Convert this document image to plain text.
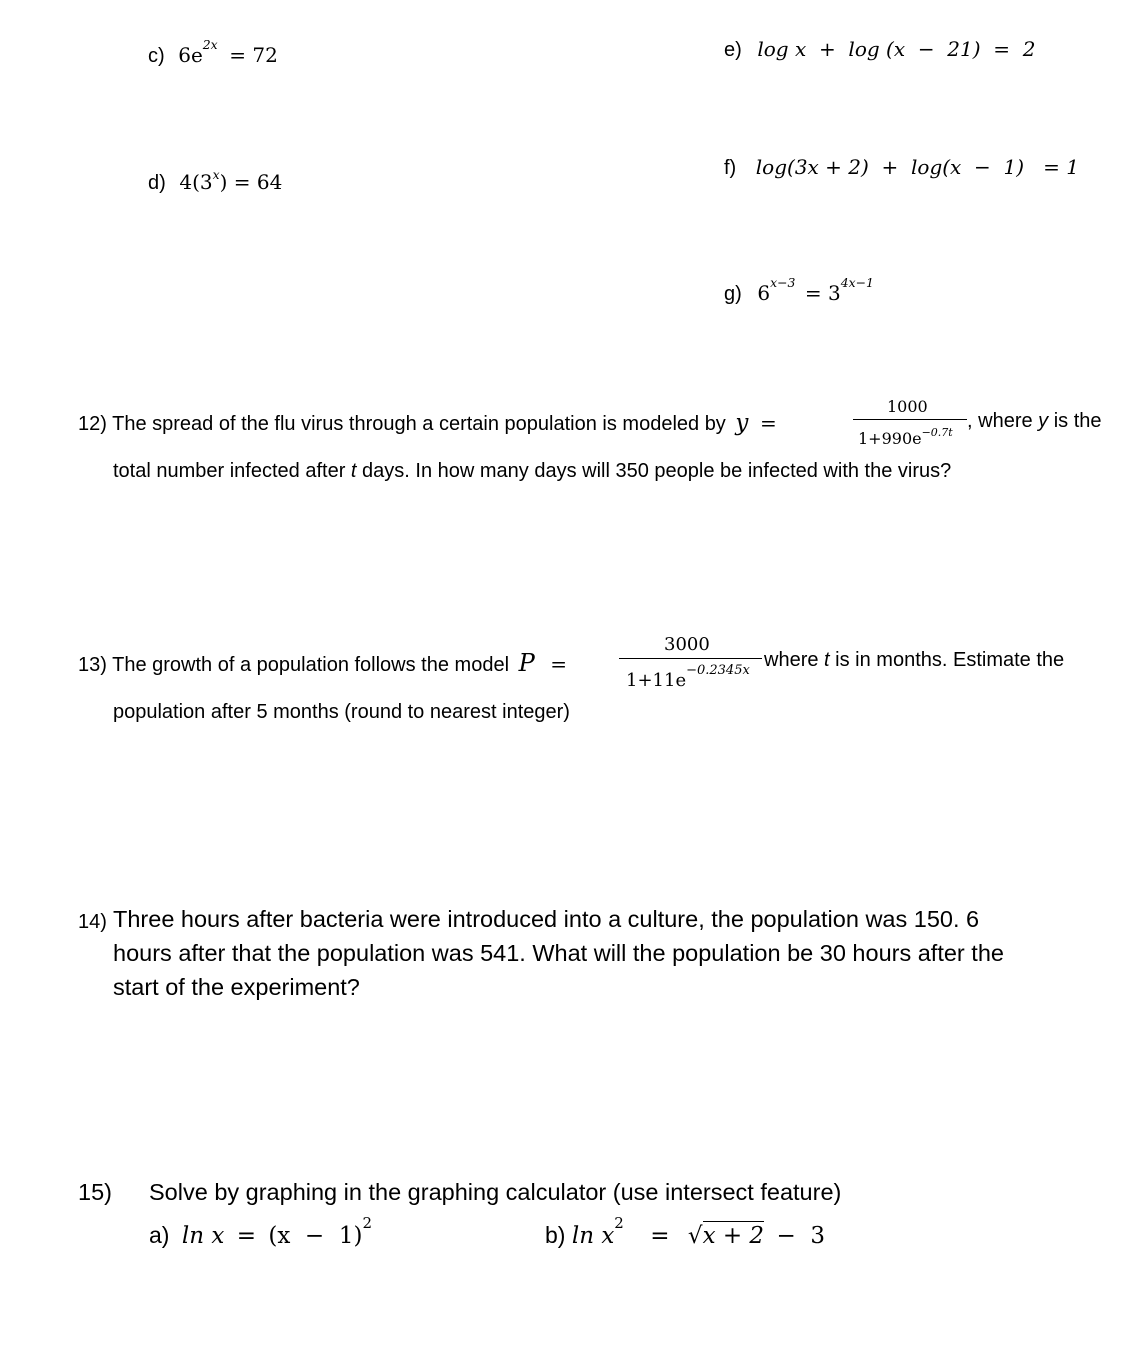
c) $6e^{2x} = 72$	e) log x  +  log (x  −  21)  =  2
d) $4(3^x) = 64$
f) log(3x + 2)  +  log(x  −  1)   = 1
g) $6^{x-3} = 3^{4x-1}$
12) The spread of the flu virus through a certain population is modeled by y =
1000
$1+990e^{-0.7t}$
, where y is the
total number infected after t days. In how many days will 350 people be infected with the virus?
13) The growth of a population follows the model P =
3000
$1+11e^{-0.2345x}$ where t is in months. Estimate the
population after 5 months (round to nearest integer)
14) Three hours after bacteria were introduced into a culture, the population was 150. 6
hours after that the population was 541. What will the population be 30 hours after the
start of the experiment?
15) Solve by graphing in the graphing calculator (use intersect feature)
a) $\ln x = (x - 1)^2$	b) $\ln x^2 = √x + 2 - 3$
